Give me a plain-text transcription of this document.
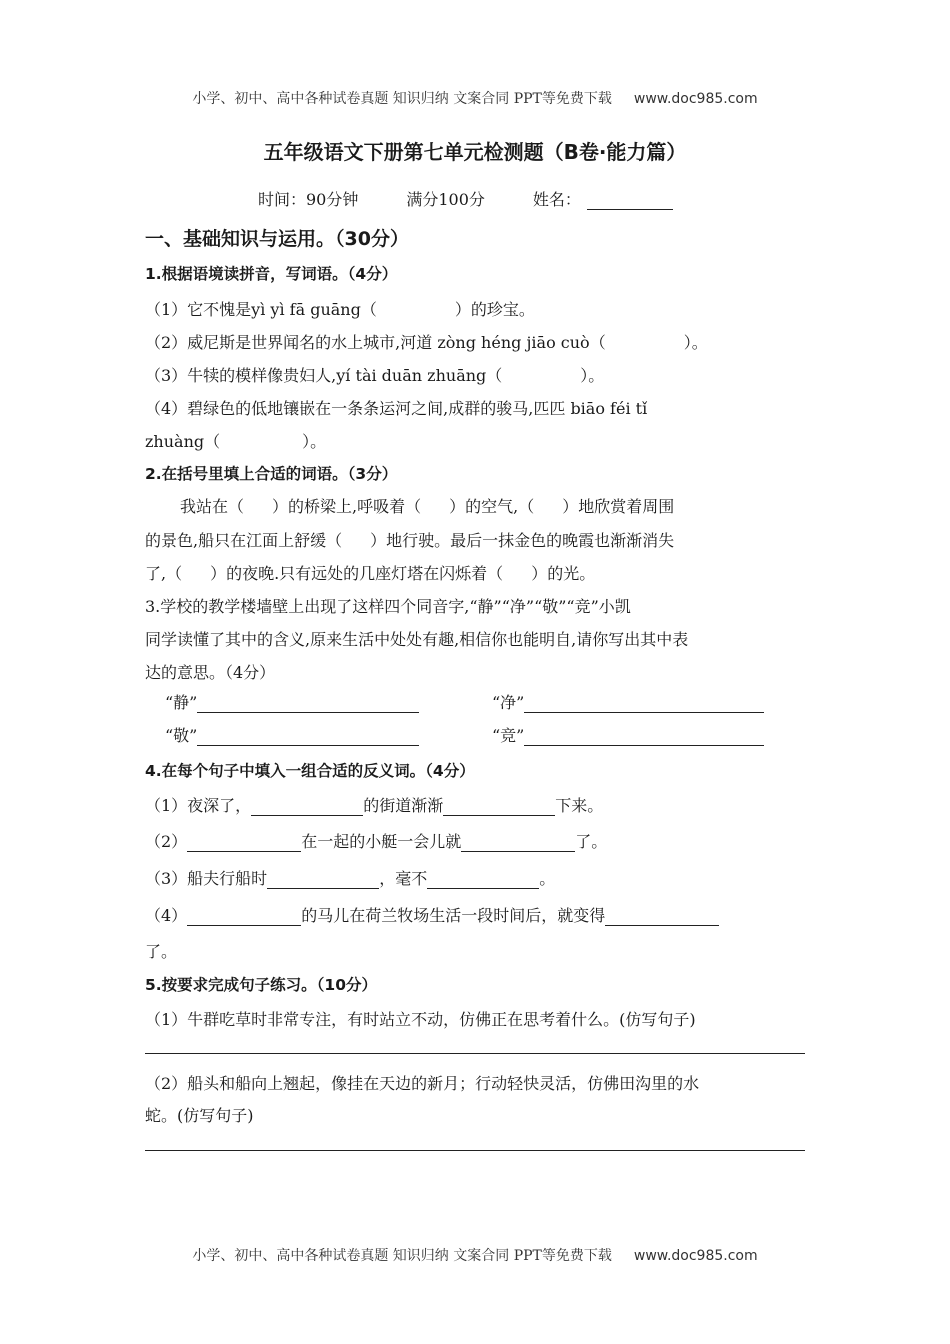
小学、初中、高中各种试卷真题 知识归纳 文案合同 PPT等免费下载 www.doc985.com
五年级语文下册第七单元检测题（B卷·能力篇）
时间：90分钟	满分100分	姓名：
一、基础知识与运用。（30分）
1.根据语境读拼音，写词语。（4分）
（1）它不愧是yì yì fā guāng（	）的珍宝。
（2）威尼斯是世界闻名的水上城市,河道 zòng héng jiāo cuò（	）。
（3）牛犊的模样像贵妇人,yí tài duān zhuāng（	）。
（4）碧绿色的低地镶嵌在一条条运河之间,成群的骏马,匹匹 biāo féi tǐ
zhuàng（	）。
2.在括号里填上合适的词语。（3分）
我站在（ ）的桥梁上,呼吸着（ ）的空气,（ ）地欣赏着周围
的景色,船只在江面上舒缓（ ）地行驶。最后一抹金色的晚霞也渐渐消失
了,（ ）的夜晚.只有远处的几座灯塔在闪烁着（ ）的光。
3.学校的教学楼墙壁上出现了这样四个同音字,“静”“净”“敬”“竞”小凯
同学读懂了其中的含义,原来生活中处处有趣,相信你也能明自,请你写出其中表
达的意思。（4分）
“静”	“净”
“敬”	“竞”
4.在每个句子中填入一组合适的反义词。（4分）
（1）夜深了，	的街道渐渐	下来。
（2）	在一起的小艇一会儿就	了。
（3）船夫行船时	，毫不	。
（4）	的马儿在荷兰牧场生活一段时间后，就变得
了。
5.按要求完成句子练习。（10分）
（1）牛群吃草时非常专注，有时站立不动，仿佛正在思考着什么。(仿写句子)
（2）船头和船向上翘起，像挂在天边的新月；行动轻快灵活，仿佛田沟里的水
蛇。(仿写句子)
小学、初中、高中各种试卷真题 知识归纳 文案合同 PPT等免费下载 www.doc985.com
